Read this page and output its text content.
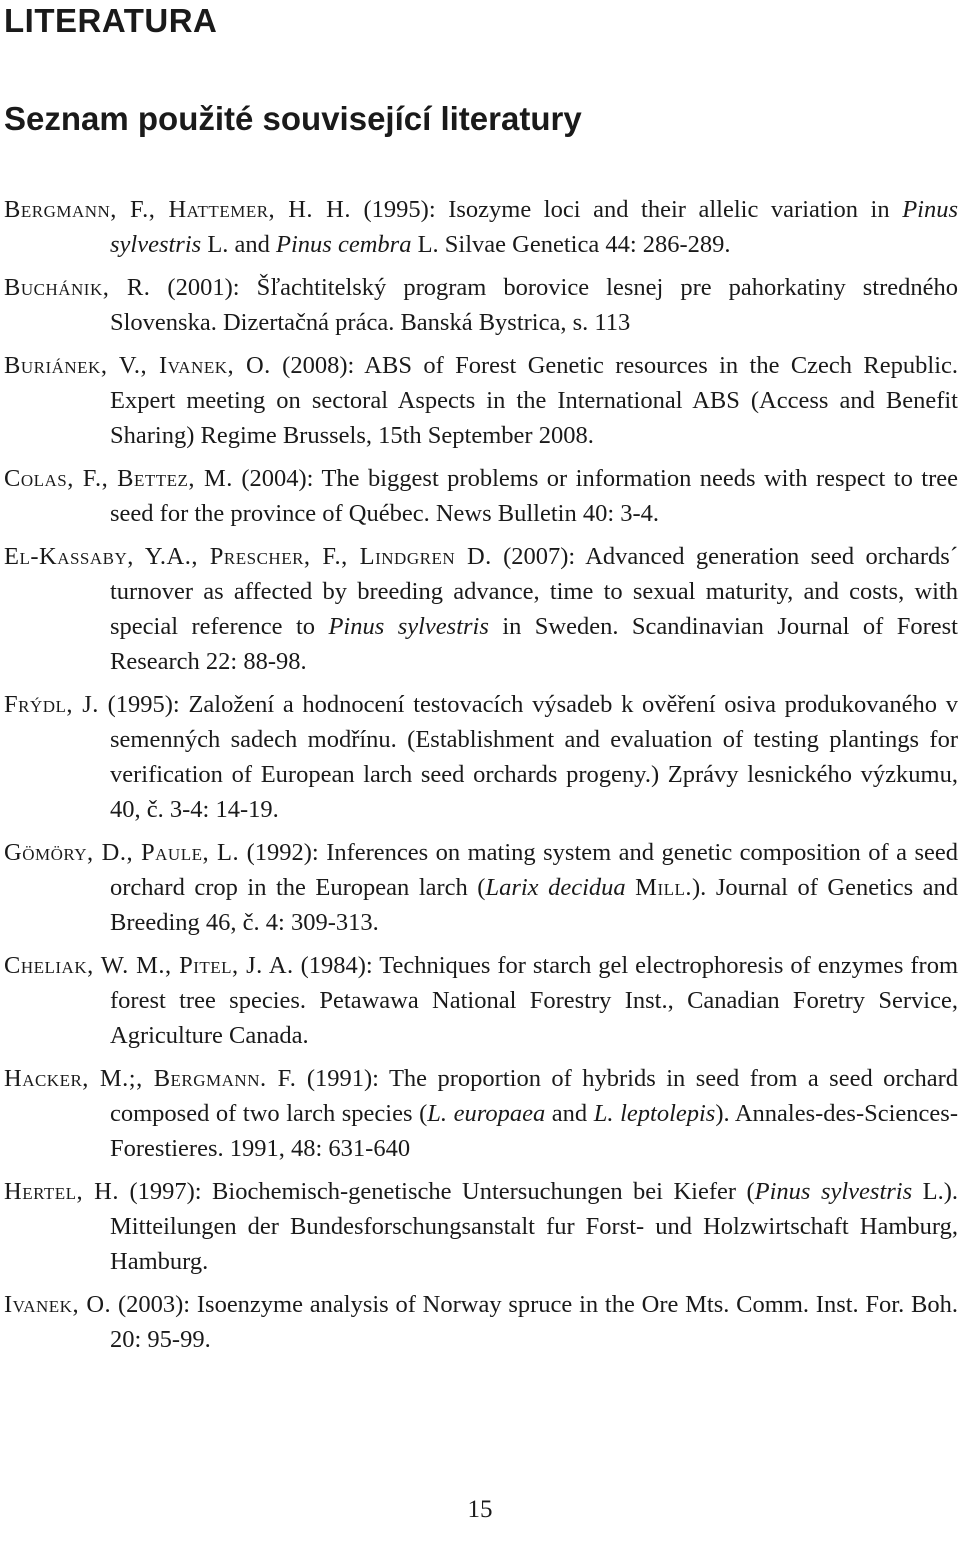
LITERATURA
Seznam použité související literatury

Bergmann, F., Hattemer, H. H. (1995): Isozyme loci and their allelic variation in Pinus sylvestris L. and Pinus cembra L. Silvae Genetica 44: 286-289.

Buchánik, R. (2001): Šľachtitelský program borovice lesnej pre pahorkatiny stredného Slovenska. Dizertačná práca. Banská Bystrica, s. 113

Buriánek, V., Ivanek, O. (2008): ABS of Forest Genetic resources in the Czech Republic. Expert meeting on sectoral Aspects in the International ABS (Access and Benefit Sharing) Regime Brussels, 15th September 2008.

Colas, F., Bettez, M. (2004): The biggest problems or information needs with respect to tree seed for the province of Québec. News Bulletin 40: 3-4.

El-Kassaby, Y.A., Prescher, F., Lindgren D. (2007): Advanced generation seed orchards´ turnover as affected by breeding advance, time to sexual maturity, and costs, with special reference to Pinus sylvestris in Sweden. Scandinavian Journal of Forest Research 22: 88-98.

Frýdl, J. (1995): Založení a hodnocení testovacích výsadeb k ověření osiva produkovaného v semenných sadech modřínu. (Establishment and evaluation of testing plantings for verification of European larch seed orchards progeny.) Zprávy lesnického výzkumu, 40, č. 3-4: 14-19.

Gömöry, D., Paule, L. (1992): Inferences on mating system and genetic composition of a seed orchard crop in the European larch (Larix decidua Mill.). Journal of Genetics and Breeding 46, č. 4: 309-313.

Cheliak, W. M., Pitel, J. A. (1984): Techniques for starch gel electrophoresis of enzymes from forest tree species. Petawawa National Forestry Inst., Canadian Foretry Service, Agriculture Canada.

Hacker, M.;, Bergmann. F. (1991): The proportion of hybrids in seed from a seed orchard composed of two larch species (L. europaea and L. leptolepis). Annales-des-Sciences-Forestieres. 1991, 48: 631-640

Hertel, H. (1997): Biochemisch-genetische Untersuchungen bei Kiefer (Pinus sylvestris L.). Mitteilungen der Bundesforschungsanstalt fur Forst- und Holzwirtschaft Hamburg, Hamburg.

Ivanek, O. (2003): Isoenzyme analysis of Norway spruce in the Ore Mts. Comm. Inst. For. Boh. 20: 95-99.

15
